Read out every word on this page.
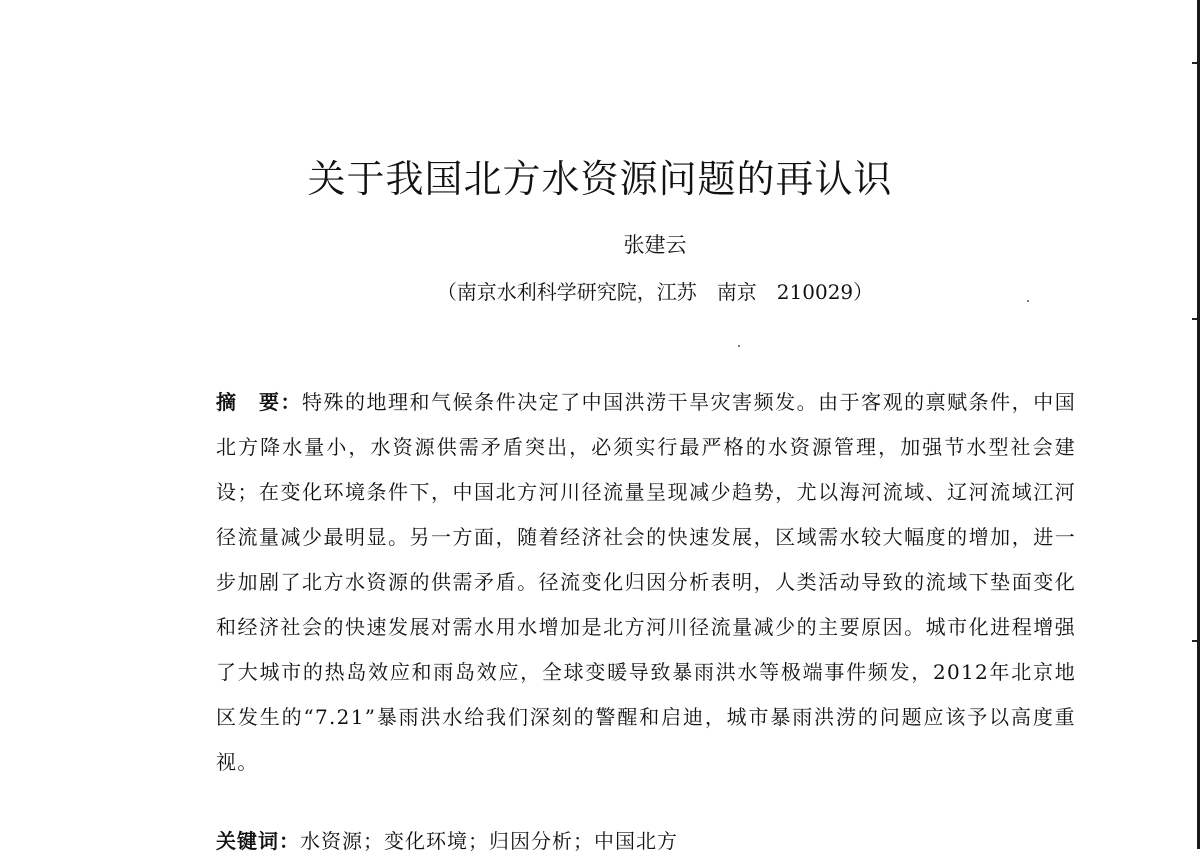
关于我国北方水资源问题的再认识
张建云
（南京水利科学研究院，江苏　南京　210029）
摘　要：特殊的地理和气候条件决定了中国洪涝干旱灾害频发。由于客观的禀赋条件，中国北方降水量小，水资源供需矛盾突出，必须实行最严格的水资源管理，加强节水型社会建设；在变化环境条件下，中国北方河川径流量呈现减少趋势，尤以海河流域、辽河流域江河径流量减少最明显。另一方面，随着经济社会的快速发展，区域需水较大幅度的增加，进一步加剧了北方水资源的供需矛盾。径流变化归因分析表明，人类活动导致的流域下垫面变化和经济社会的快速发展对需水用水增加是北方河川径流量减少的主要原因。城市化进程增强了大城市的热岛效应和雨岛效应，全球变暖导致暴雨洪水等极端事件频发，2012年北京地区发生的“7.21”暴雨洪水给我们深刻的警醒和启迪，城市暴雨洪涝的问题应该予以高度重视。
关键词：水资源；变化环境；归因分析；中国北方
